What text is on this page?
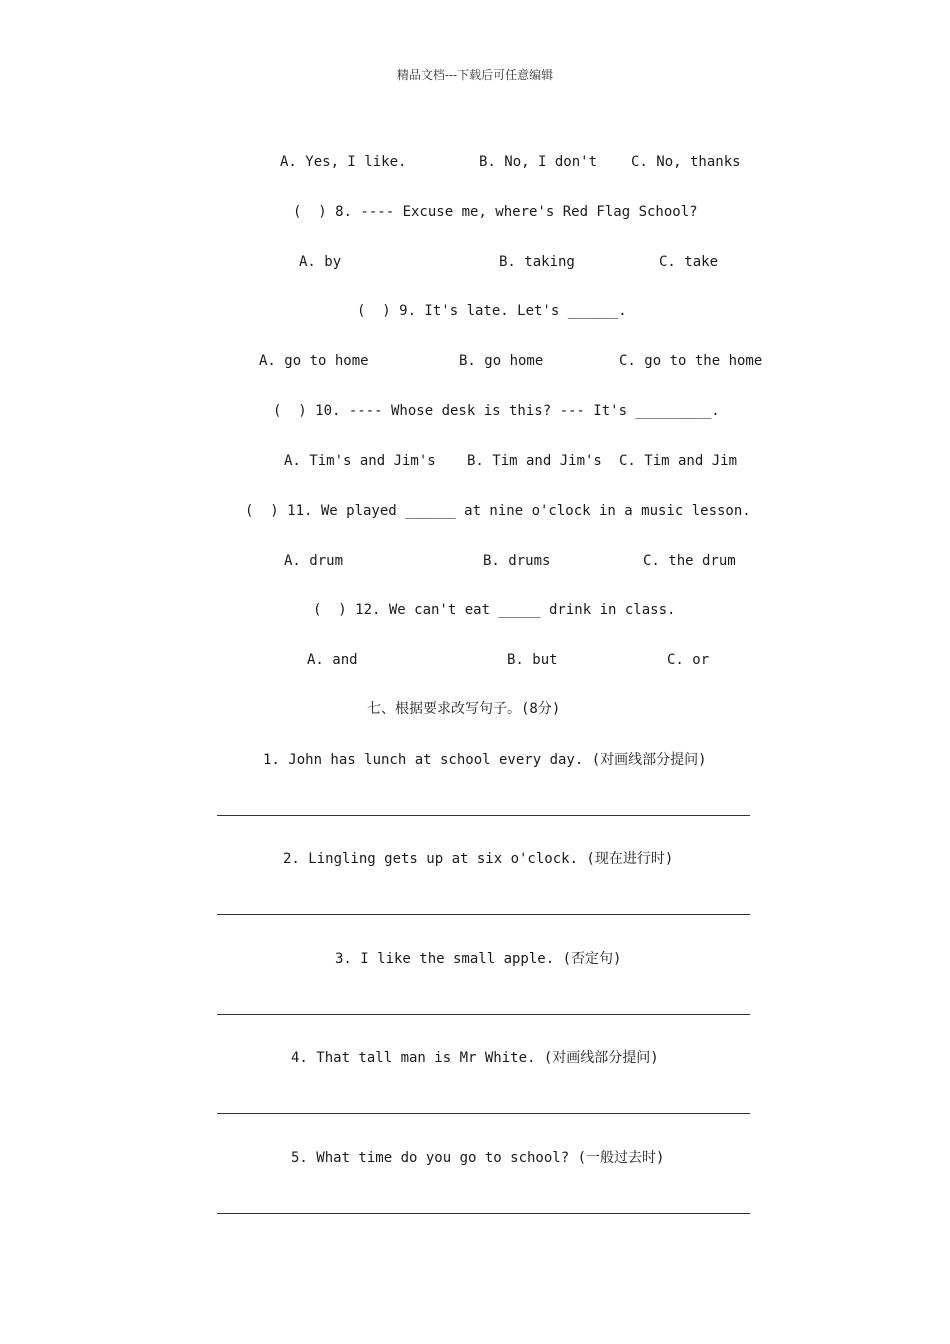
精品文档---下载后可任意编辑
A. Yes, I like.	B. No, I don't C. No, thanks
(  ) 8. ---- Excuse me, where's Red Flag School?
A. by	B. taking	C. take
(  ) 9. It's late. Let's ______.
A. go to home	B. go home	C. go to the home
(  ) 10. ---- Whose desk is this? --- It's _________.
A. Tim's and Jim's B. Tim and Jim's C. Tim and Jim
(  ) 11. We played ______ at nine o'clock in a music lesson.
A. drum	B. drums	C. the drum
(  ) 12. We can't eat _____ drink in class.
A. and	B. but	C. or
七、根据要求改写句子。(8分)
1. John has lunch at school every day. (对画线部分提问)
2. Lingling gets up at six o'clock. (现在进行时)
3. I like the small apple. (否定句)
4. That tall man is Mr White. (对画线部分提问)
5. What time do you go to school? (一般过去时)
